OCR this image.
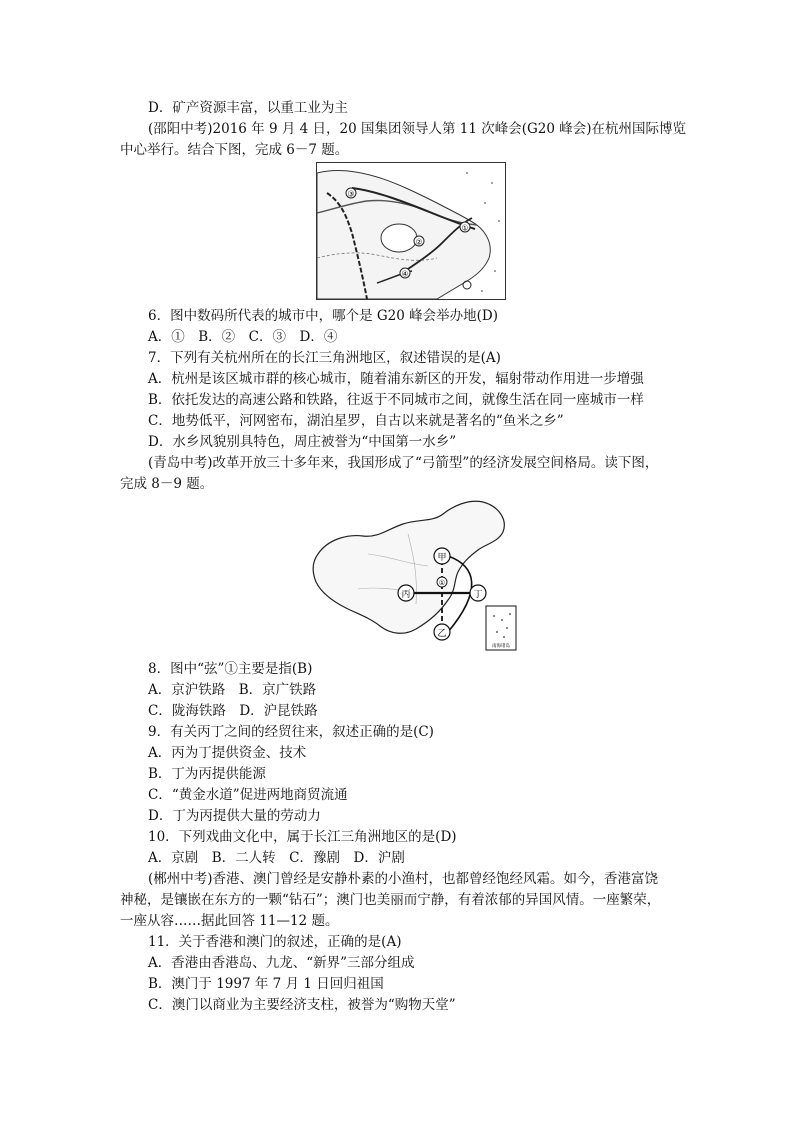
D．矿产资源丰富，以重工业为主
(邵阳中考)2016 年 9 月 4 日，20 国集团领导人第 11 次峰会(G20 峰会)在杭州国际博览
中心举行。结合下图，完成 6－7 题。
③
②
①
④
6．图中数码所代表的城市中，哪个是 G20 峰会举办地(D)
A．①　B．②　C．③　D．④
7．下列有关杭州所在的长江三角洲地区，叙述错误的是(A)
A．杭州是该区城市群的核心城市，随着浦东新区的开发，辐射带动作用进一步增强
B．依托发达的高速公路和铁路，往返于不同城市之间，就像生活在同一座城市一样
C．地势低平，河网密布，湖泊星罗，自古以来就是著名的“鱼米之乡”
D．水乡风貌别具特色，周庄被誉为“中国第一水乡”
(青岛中考)改革开放三十多年来，我国形成了“弓箭型”的经济发展空间格局。读下图，
完成 8－9 题。
甲
乙
丙	丁
①
南海诸岛
8．图中“弦”①主要是指(B)
A．京沪铁路　B．京广铁路
C．陇海铁路　D．沪昆铁路
9．有关丙丁之间的经贸往来，叙述正确的是(C)
A．丙为丁提供资金、技术
B．丁为丙提供能源
C．“黄金水道”促进两地商贸流通
D．丁为丙提供大量的劳动力
10．下列戏曲文化中，属于长江三角洲地区的是(D)
A．京剧　B．二人转　C．豫剧　D．沪剧
(郴州中考)香港、澳门曾经是安静朴素的小渔村，也都曾经饱经风霜。如今，香港富饶
神秘，是镶嵌在东方的一颗“钻石”；澳门也美丽而宁静，有着浓郁的异国风情。一座繁荣，
一座从容……据此回答 11—12 题。
11．关于香港和澳门的叙述，正确的是(A)
A．香港由香港岛、九龙、“新界”三部分组成
B．澳门于 1997 年 7 月 1 日回归祖国
C．澳门以商业为主要经济支柱，被誉为“购物天堂”
